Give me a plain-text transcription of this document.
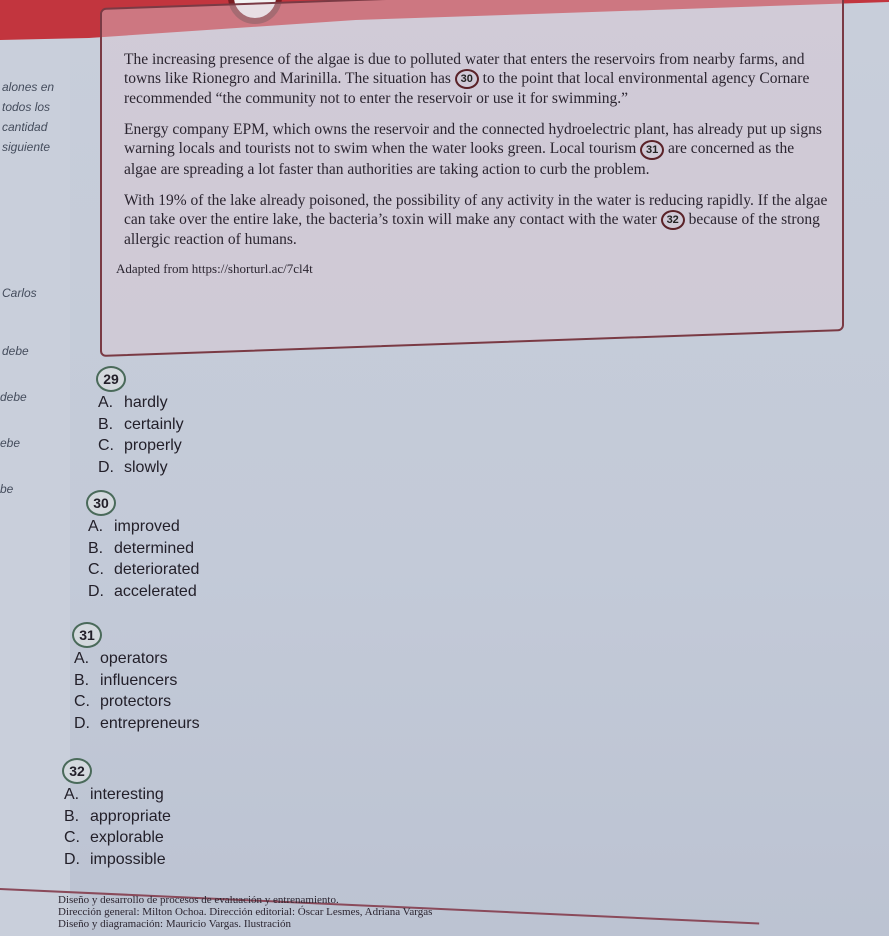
alones en
todos los
cantidad
siguiente
Carlos
debe
debe
ebe
be

The increasing presence of the algae is due to polluted water that enters the reservoirs from nearby farms, and towns like Rionegro and Marinilla. The situation has 30 to the point that local environmental agency Cornare recommended “the community not to enter the reservoir or use it for swimming.”

Energy company EPM, which owns the reservoir and the connected hydroelectric plant, has already put up signs warning locals and tourists not to swim when the water looks green. Local tourism 31 are concerned as the algae are spreading a lot faster than authorities are taking action to curb the problem.

With 19% of the lake already poisoned, the possibility of any activity in the water is reducing rapidly. If the algae can take over the entire lake, the bacteria’s toxin will make any contact with the water 32 because of the strong allergic reaction of humans.

Adapted from https://shorturl.ac/7cl4t
29
A. hardly
B. certainly
C. properly
D. slowly
30
A. improved
B. determined
C. deteriorated
D. accelerated
31
A. operators
B. influencers
C. protectors
D. entrepreneurs
32
A. interesting
B. appropriate
C. explorable
D. impossible
Diseño y desarrollo de procesos de evaluación y entrenamiento.
Dirección general: Milton Ochoa. Dirección editorial: Óscar Lesmes, Adriana Vargas
Diseño y diagramación: Mauricio Vargas. Ilustración
